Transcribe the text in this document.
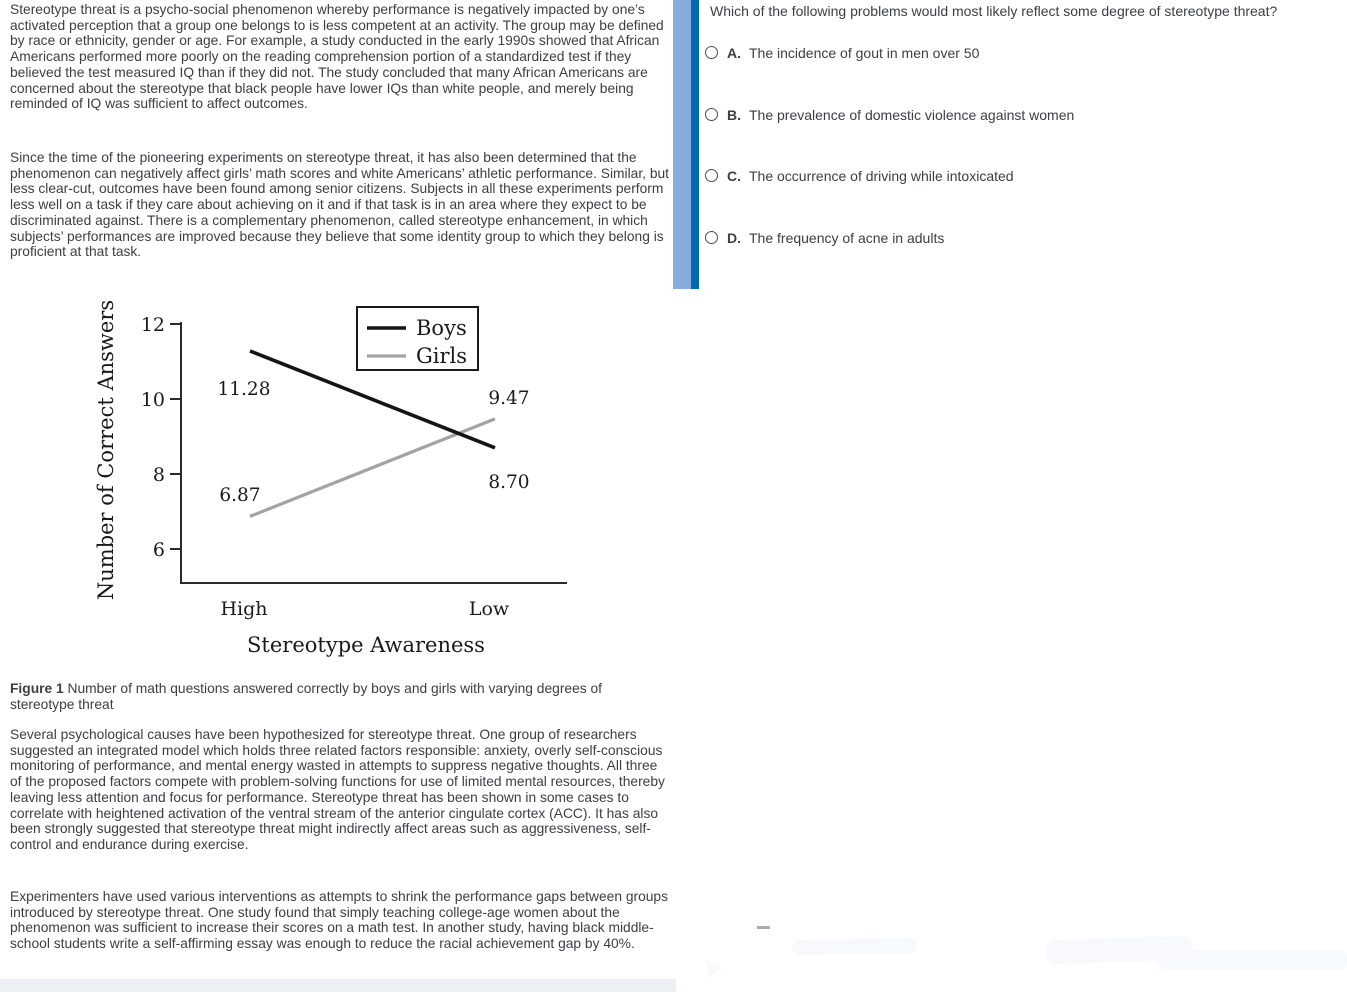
Stereotype threat is a psycho-social phenomenon whereby performance is negatively impacted by one’s activated perception that a group one belongs to is less competent at an activity. The group may be defined by race or ethnicity, gender or age. For example, a study conducted in the early 1990s showed that African Americans performed more poorly on the reading comprehension portion of a standardized test if they believed the test measured IQ than if they did not. The study concluded that many African Americans are concerned about the stereotype that black people have lower IQs than white people, and merely being reminded of IQ was sufficient to affect outcomes.

Since the time of the pioneering experiments on stereotype threat, it has also been determined that the phenomenon can negatively affect girls’ math scores and white Americans’ athletic performance. Similar, but less clear-cut, outcomes have been found among senior citizens. Subjects in all these experiments perform less well on a task if they care about achieving on it and if that task is in an area where they expect to be discriminated against. There is a complementary phenomenon, called stereotype enhancement, in which subjects’ performances are improved because they believe that some identity group to which they belong is proficient at that task.

12
10
8
6
11.28	9.47
6.87
8.70
Boys
Girls
High	Low
Stereotype Awareness
Number of Correct Answers

Figure 1 Number of math questions answered correctly by boys and girls with varying degrees of stereotype threat

Several psychological causes have been hypothesized for stereotype threat. One group of researchers suggested an integrated model which holds three related factors responsible: anxiety, overly self-conscious monitoring of performance, and mental energy wasted in attempts to suppress negative thoughts. All three of the proposed factors compete with problem-solving functions for use of limited mental resources, thereby leaving less attention and focus for performance. Stereotype threat has been shown in some cases to correlate with heightened activation of the ventral stream of the anterior cingulate cortex (ACC). It has also been strongly suggested that stereotype threat might indirectly affect areas such as aggressiveness, self-control and endurance during exercise.

Experimenters have used various interventions as attempts to shrink the performance gaps between groups introduced by stereotype threat. One study found that simply teaching college-age women about the phenomenon was sufficient to increase their scores on a math test. In another study, having black middle-school students write a self-affirming essay was enough to reduce the racial achievement gap by 40%.

Which of the following problems would most likely reflect some degree of stereotype threat?
A. The incidence of gout in men over 50
B. The prevalence of domestic violence against women
C. The occurrence of driving while intoxicated
D. The frequency of acne in adults
